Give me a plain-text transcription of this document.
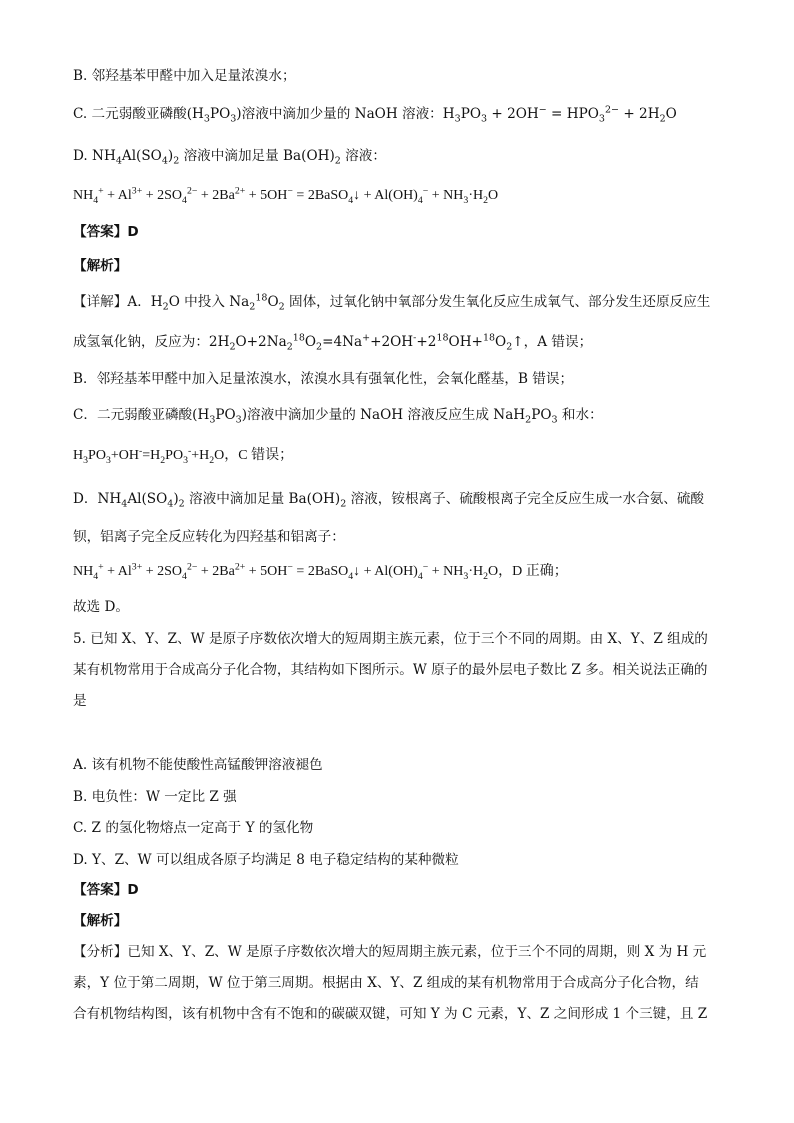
B. 邻羟基苯甲醛中加入足量浓溴水；
C. 二元弱酸亚磷酸$(H_3PO_3)$溶液中滴加少量的 NaOH 溶液：$H_3PO_3 + 2OH^- = HPO_3^{2-} + 2H_2O$
D. $NH_4Al(SO_4)_2$ 溶液中滴加足量 $Ba(OH)_2$ 溶液：
$NH_4^+ + Al^{3+} + 2SO_4^{2-} + 2Ba^{2+} + 5OH^-$ = 2BaSO$_4$↓ + $Al(OH)_4^- + NH_3\cdot H_2O$
【答案】D
【解析】
【详解】A．$H_2O$ 中投入 $Na_2^{18}O_2$ 固体，过氧化钠中氧部分发生氧化反应生成氧气、部分发生还原反应生
成氢氧化钠，反应为：$2H_2O+2Na_2^{18}O_2=4Na^++2OH^-+2^{18}OH+^{18}O_2↑$，A 错误；
B．邻羟基苯甲醛中加入足量浓溴水，浓溴水具有强氧化性，会氧化醛基，B 错误；
C．二元弱酸亚磷酸$(H_3PO_3)$溶液中滴加少量的 NaOH 溶液反应生成 $NaH_2PO_3$ 和水：
$H_3PO_3+OH^-=H_2PO_3^-+H_2O$，C 错误；
D．$NH_4Al(SO_4)_2$ 溶液中滴加足量 $Ba(OH)_2$ 溶液，铵根离子、硫酸根离子完全反应生成一水合氨、硫酸
钡，铝离子完全反应转化为四羟基和铝离子：
$NH_4^+ + Al^{3+} + 2SO_4^{2-} + 2Ba^{2+} + 5OH^-$ = 2BaSO$_4$↓ + $Al(OH)_4^- + NH_3\cdot H_2O$，D 正确；
故选 D。
5. 已知 X、Y、Z、W 是原子序数依次增大的短周期主族元素，位于三个不同的周期。由 X、Y、Z 组成的
某有机物常用于合成高分子化合物，其结构如下图所示。W 原子的最外层电子数比 Z 多。相关说法正确的
是
A. 该有机物不能使酸性高锰酸钾溶液褪色
B. 电负性：W 一定比 Z 强
C. Z 的氢化物熔点一定高于 Y 的氢化物
D. Y、Z、W 可以组成各原子均满足 8 电子稳定结构的某种微粒
【答案】D
【解析】
【分析】已知 X、Y、Z、W 是原子序数依次增大的短周期主族元素，位于三个不同的周期，则 X 为 H 元
素，Y 位于第二周期，W 位于第三周期。根据由 X、Y、Z 组成的某有机物常用于合成高分子化合物，结
合有机物结构图，该有机物中含有不饱和的碳碳双键，可知 Y 为 C 元素，Y、Z 之间形成 1 个三键，且 Z
